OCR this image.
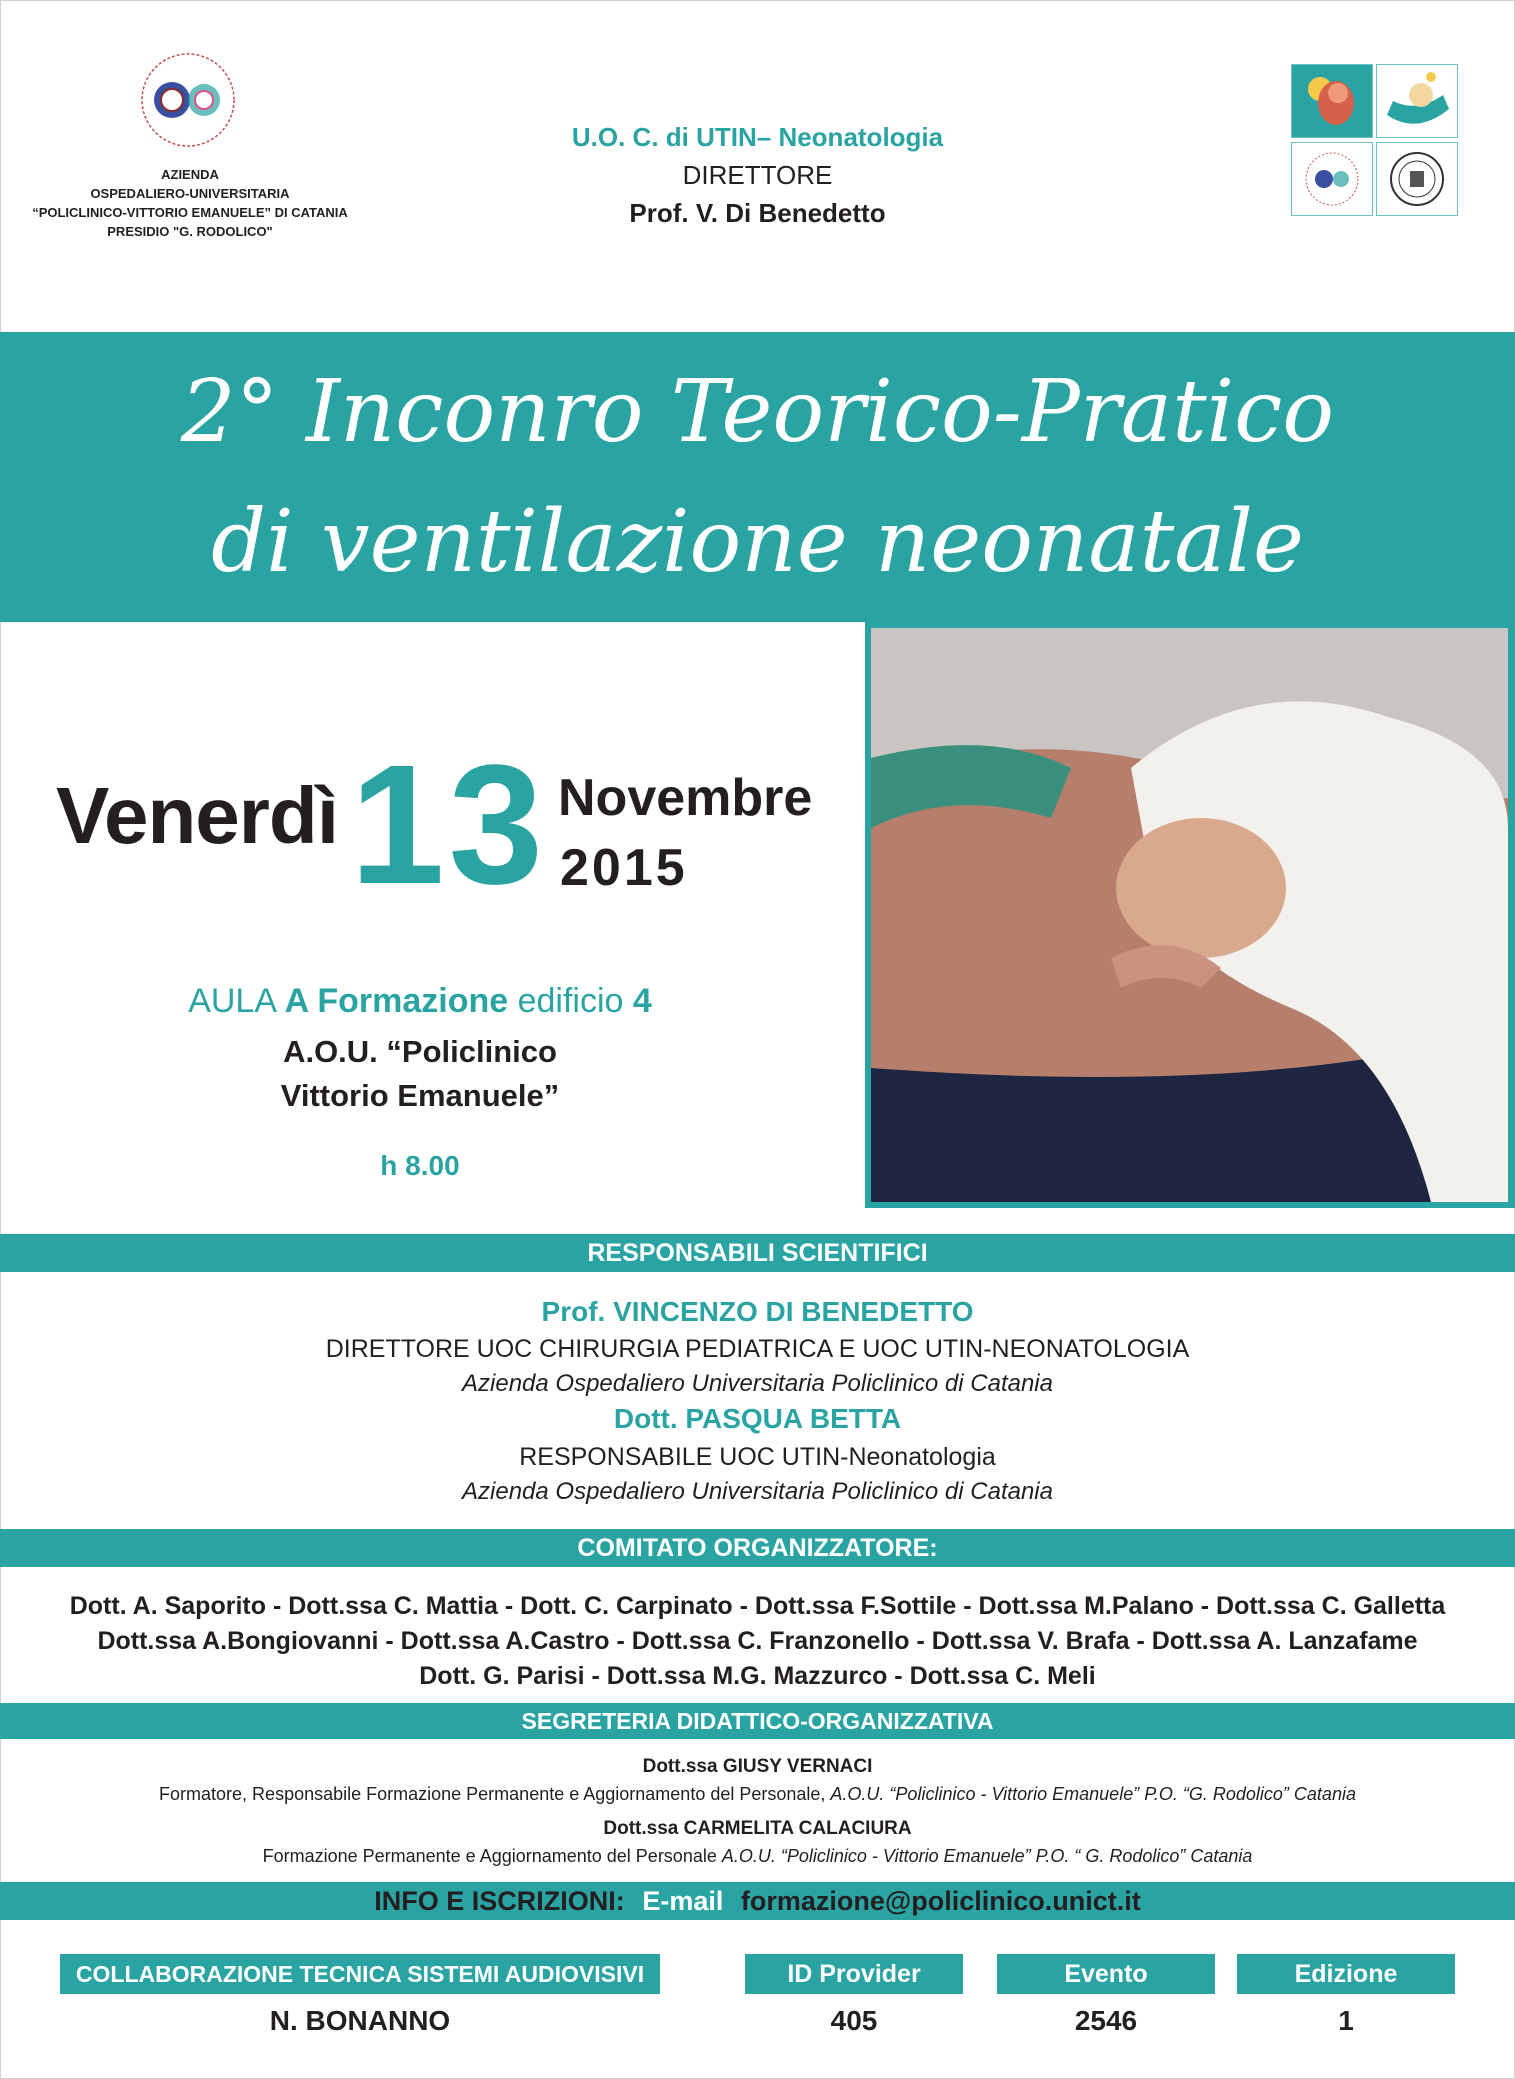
AZIENDA
OSPEDALIERO-UNIVERSITARIA
“POLICLINICO-VITTORIO EMANUELE” DI CATANIA
PRESIDIO "G. RODOLICO"
U.O. C. di UTIN– Neonatologia
DIRETTORE
Prof. V. Di Benedetto
2° Inconro Teorico-Pratico
di ventilazione neonatale
Venerdì 13 Novembre
2015
AULA A Formazione edificio 4
A.O.U. “Policlinico
Vittorio Emanuele”
h 8.00
RESPONSABILI SCIENTIFICI
Prof. VINCENZO DI BENEDETTO
DIRETTORE UOC CHIRURGIA PEDIATRICA E UOC UTIN-NEONATOLOGIA
Azienda Ospedaliero Universitaria Policlinico di Catania
Dott. PASQUA BETTA
RESPONSABILE UOC UTIN-Neonatologia
Azienda Ospedaliero Universitaria Policlinico di Catania
COMITATO ORGANIZZATORE:
Dott. A. Saporito - Dott.ssa C. Mattia - Dott. C. Carpinato - Dott.ssa F.Sottile - Dott.ssa M.Palano - Dott.ssa C. Galletta
Dott.ssa A.Bongiovanni - Dott.ssa A.Castro - Dott.ssa C. Franzonello - Dott.ssa V. Brafa - Dott.ssa A. Lanzafame
Dott. G. Parisi - Dott.ssa M.G. Mazzurco - Dott.ssa C. Meli
SEGRETERIA DIDATTICO-ORGANIZZATIVA
Dott.ssa GIUSY VERNACI
Formatore, Responsabile Formazione Permanente e Aggiornamento del Personale, A.O.U. “Policlinico - Vittorio Emanuele” P.O. “G. Rodolico” Catania
Dott.ssa CARMELITA CALACIURA
Formazione Permanente e Aggiornamento del Personale A.O.U. “Policlinico - Vittorio Emanuele” P.O. “ G. Rodolico” Catania
INFO E ISCRIZIONI: E-mail formazione@policlinico.unict.it
COLLABORAZIONE TECNICA SISTEMI AUDIOVISIVI
N. BONANNO
ID Provider
405
Evento
2546
Edizione
1
